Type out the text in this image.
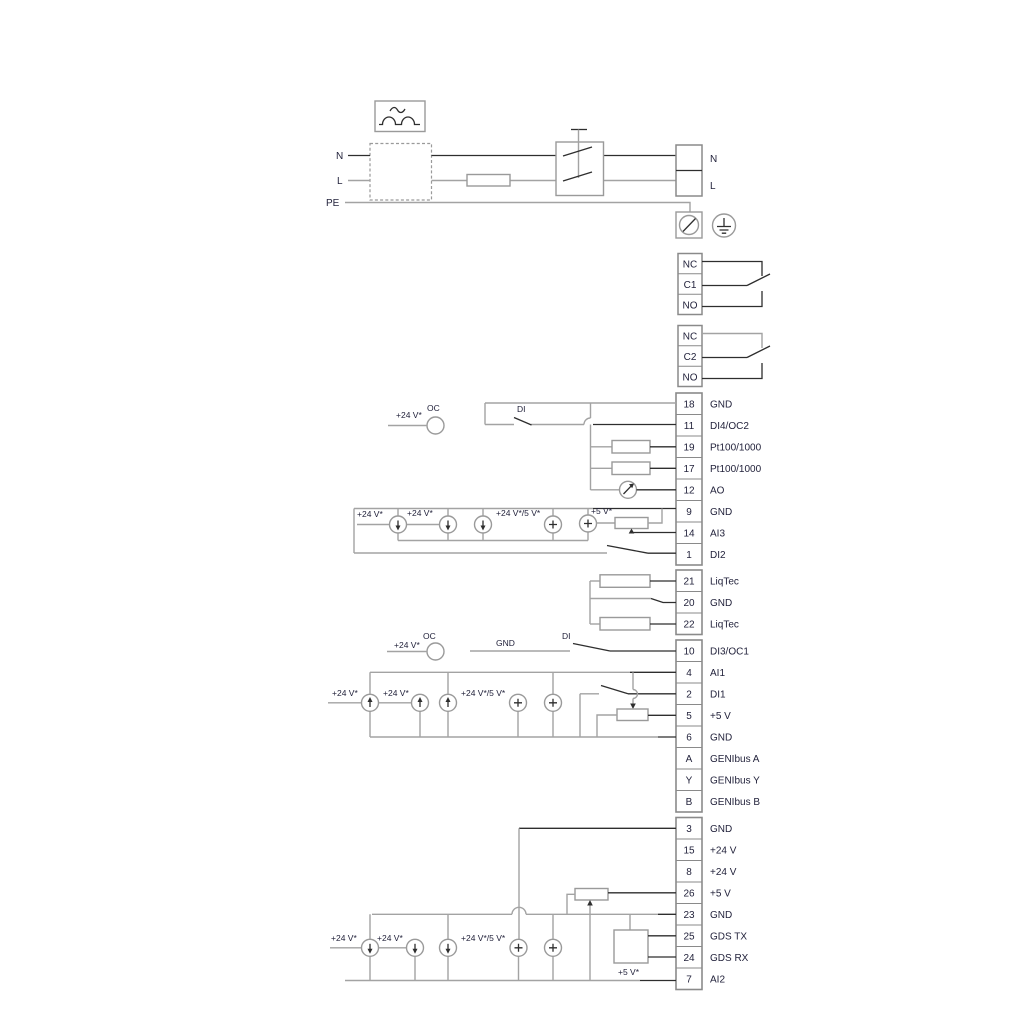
N
L
PE
N
L
NC
C1
NO
NC
C2
NO
18 GND
11 DI4/OC2
19 Pt100/1000
17 Pt100/1000
12 AO
9 GND
14 AI3
1 DI2
21 LiqTec
20 GND
22 LiqTec
10 DI3/OC1
4 AI1
2 DI1
5 +5 V
6 GND
A GENIbus A
Y GENIbus Y
B GENIbus B
3 GND
15 +24 V
8 +24 V
26 +5 V
23 GND
25 GDS TX
24 GDS RX
7 AI2
+24 V*
OC	DI
+24 V*	+24 V*	+24 V*/5 V*	+5 V*
+24 V*
OC
GND
DI
+24 V*	+24 V*	+24 V*/5 V*
+5 V*
+24 V* +24 V*	+24 V*/5 V*
